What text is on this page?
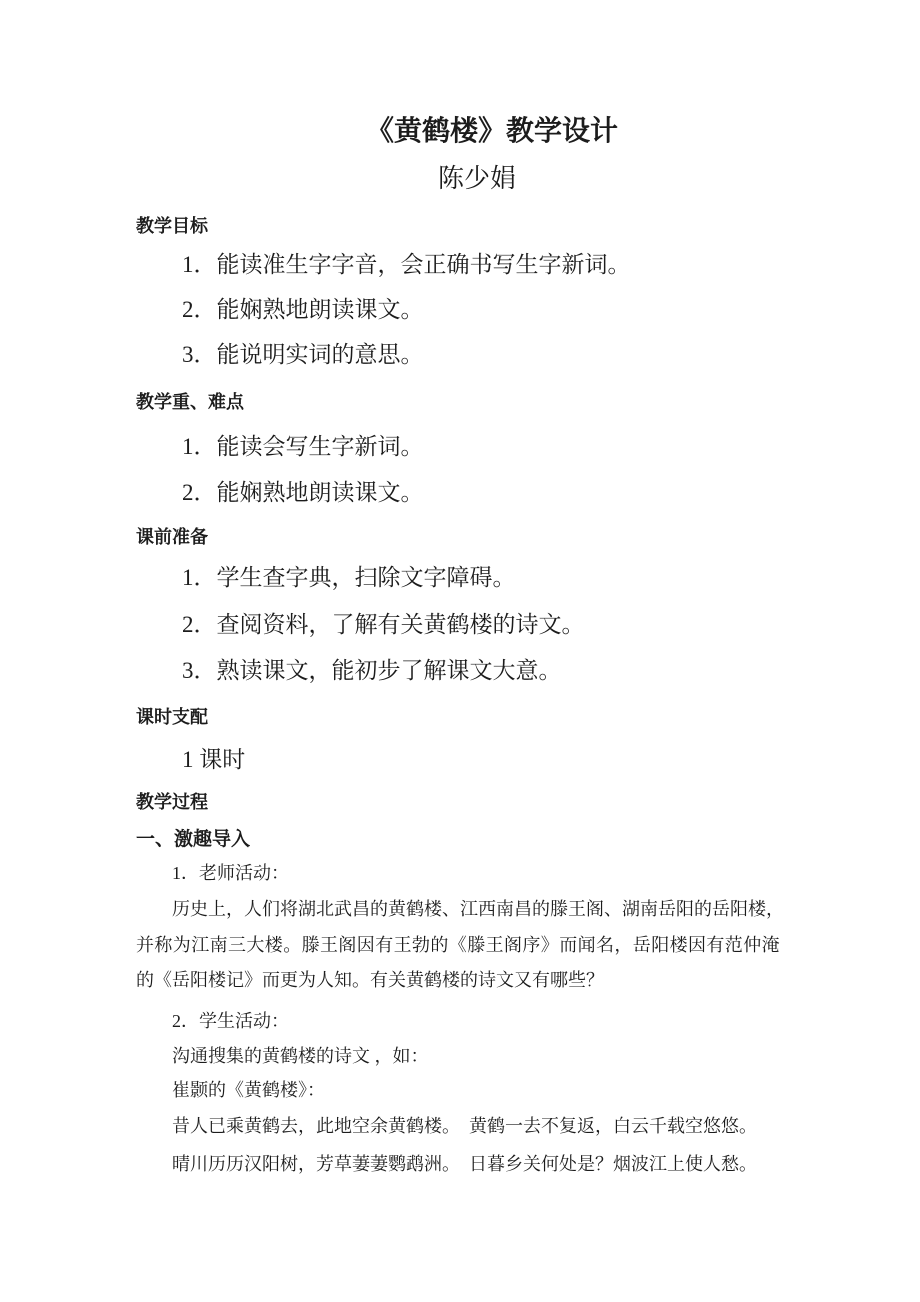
《黄鹤楼》教学设计
陈少娟
教学目标
1．能读准生字字音，会正确书写生字新词。
2．能娴熟地朗读课文。
3．能说明实词的意思。
教学重、难点
1．能读会写生字新词。
2．能娴熟地朗读课文。
课前准备
1．学生查字典，扫除文字障碍。
2．查阅资料，了解有关黄鹤楼的诗文。
3．熟读课文，能初步了解课文大意。
课时支配
1 课时
教学过程
一、激趣导入
1．老师活动：
历史上，人们将湖北武昌的黄鹤楼、江西南昌的滕王阁、湖南岳阳的岳阳楼，
并称为江南三大楼。滕王阁因有王勃的《滕王阁序》而闻名，岳阳楼因有范仲淹
的《岳阳楼记》而更为人知。有关黄鹤楼的诗文又有哪些？
2．学生活动：
沟通搜集的黄鹤楼的诗文 ，如：
崔颢的《黄鹤楼》：
昔人已乘黄鹤去，此地空余黄鹤楼。　黄鹤一去不复返，白云千载空悠悠。
晴川历历汉阳树，芳草萋萋鹦鹉洲。　日暮乡关何处是？烟波江上使人愁。
